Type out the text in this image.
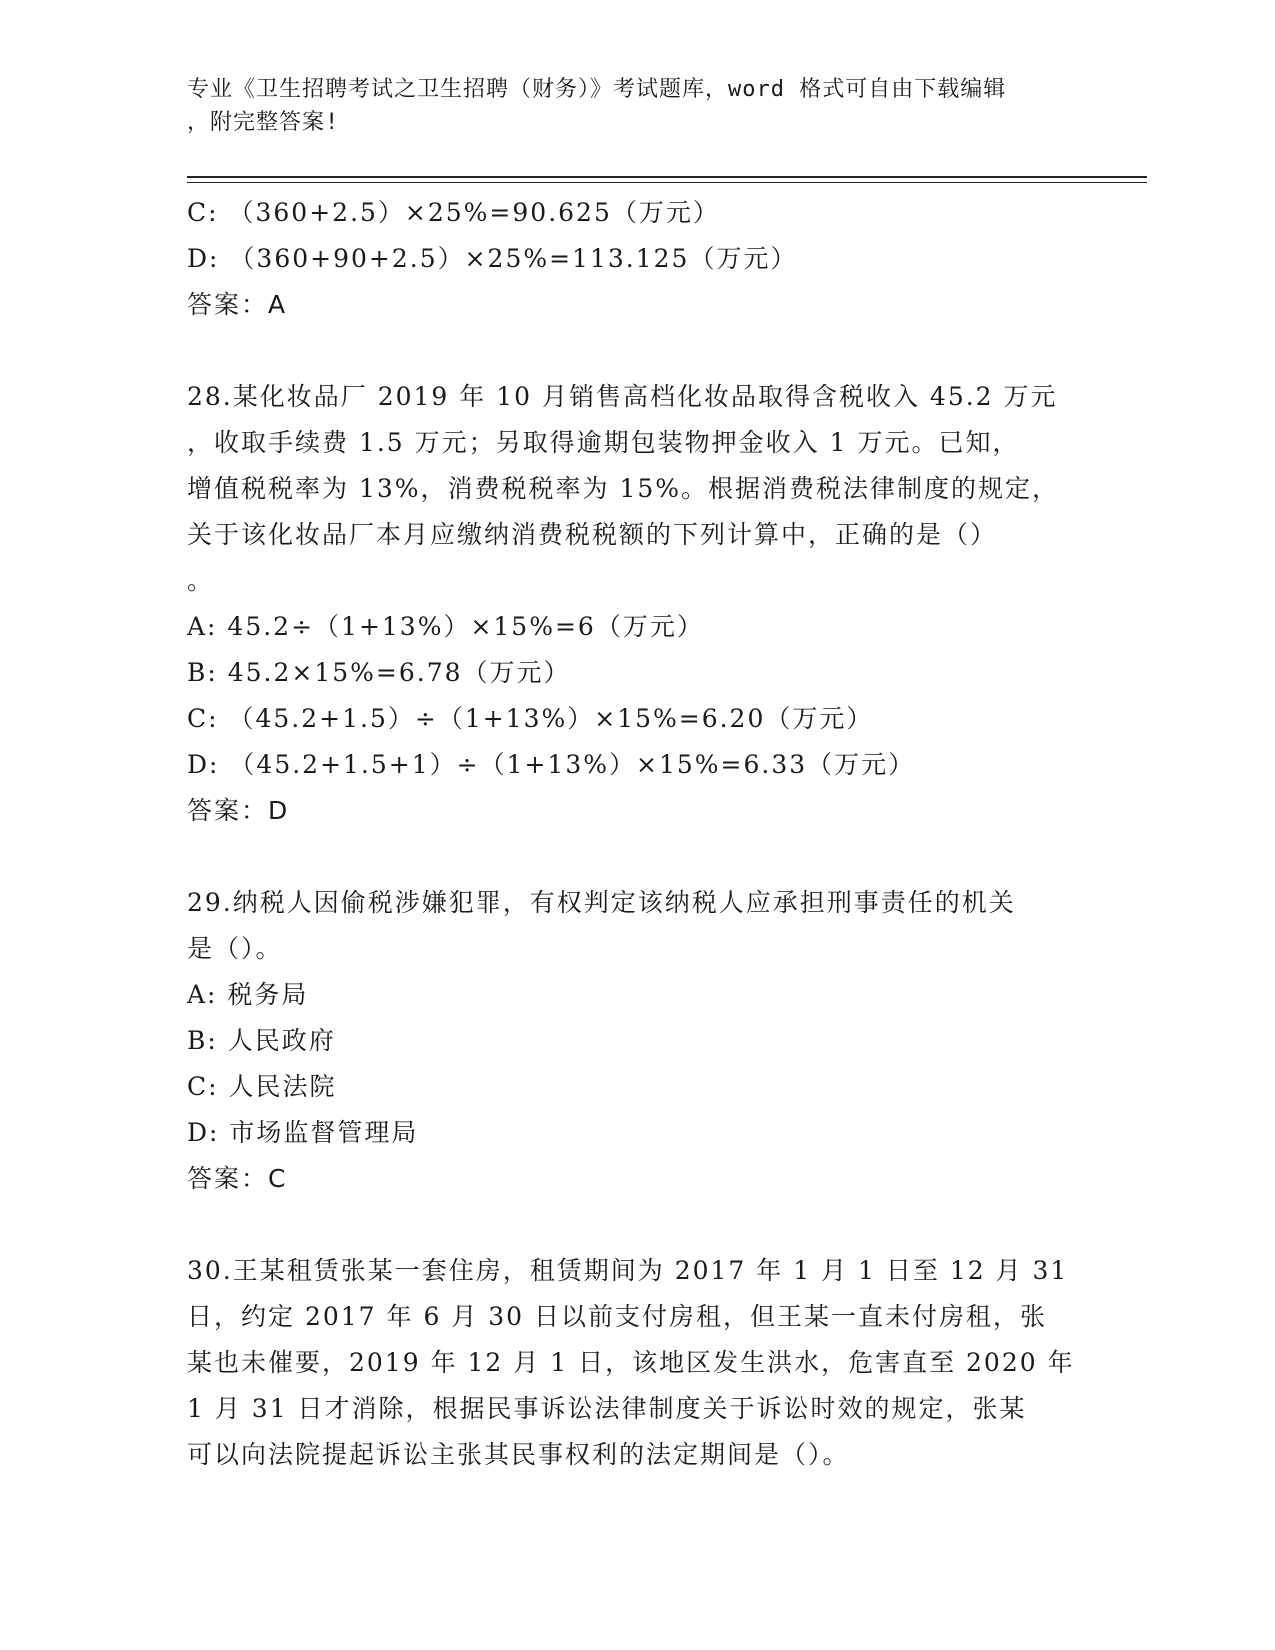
专业《卫生招聘考试之卫生招聘（财务）》考试题库，word 格式可自由下载编辑
，附完整答案!
C: （360+2.5）×25%=90.625（万元）
D: （360+90+2.5）×25%=113.125（万元）
答案：A
28.某化妆品厂 2019 年 10 月销售高档化妆品取得含税收入 45.2 万元
，收取手续费 1.5 万元；另取得逾期包装物押金收入 1 万元。已知，
增值税税率为 13%，消费税税率为 15%。根据消费税法律制度的规定，
关于该化妆品厂本月应缴纳消费税税额的下列计算中，正确的是（）
。
A: 45.2÷（1+13%）×15%=6（万元）
B: 45.2×15%=6.78（万元）
C: （45.2+1.5）÷（1+13%）×15%=6.20（万元）
D: （45.2+1.5+1）÷（1+13%）×15%=6.33（万元）
答案：D
29.纳税人因偷税涉嫌犯罪，有权判定该纳税人应承担刑事责任的机关
是（）。
A: 税务局
B: 人民政府
C: 人民法院
D: 市场监督管理局
答案：C
30.王某租赁张某一套住房，租赁期间为 2017 年 1 月 1 日至 12 月 31
日，约定 2017 年 6 月 30 日以前支付房租，但王某一直未付房租，张
某也未催要，2019 年 12 月 1 日，该地区发生洪水，危害直至 2020 年
1 月 31 日才消除，根据民事诉讼法律制度关于诉讼时效的规定，张某
可以向法院提起诉讼主张其民事权利的法定期间是（）。
